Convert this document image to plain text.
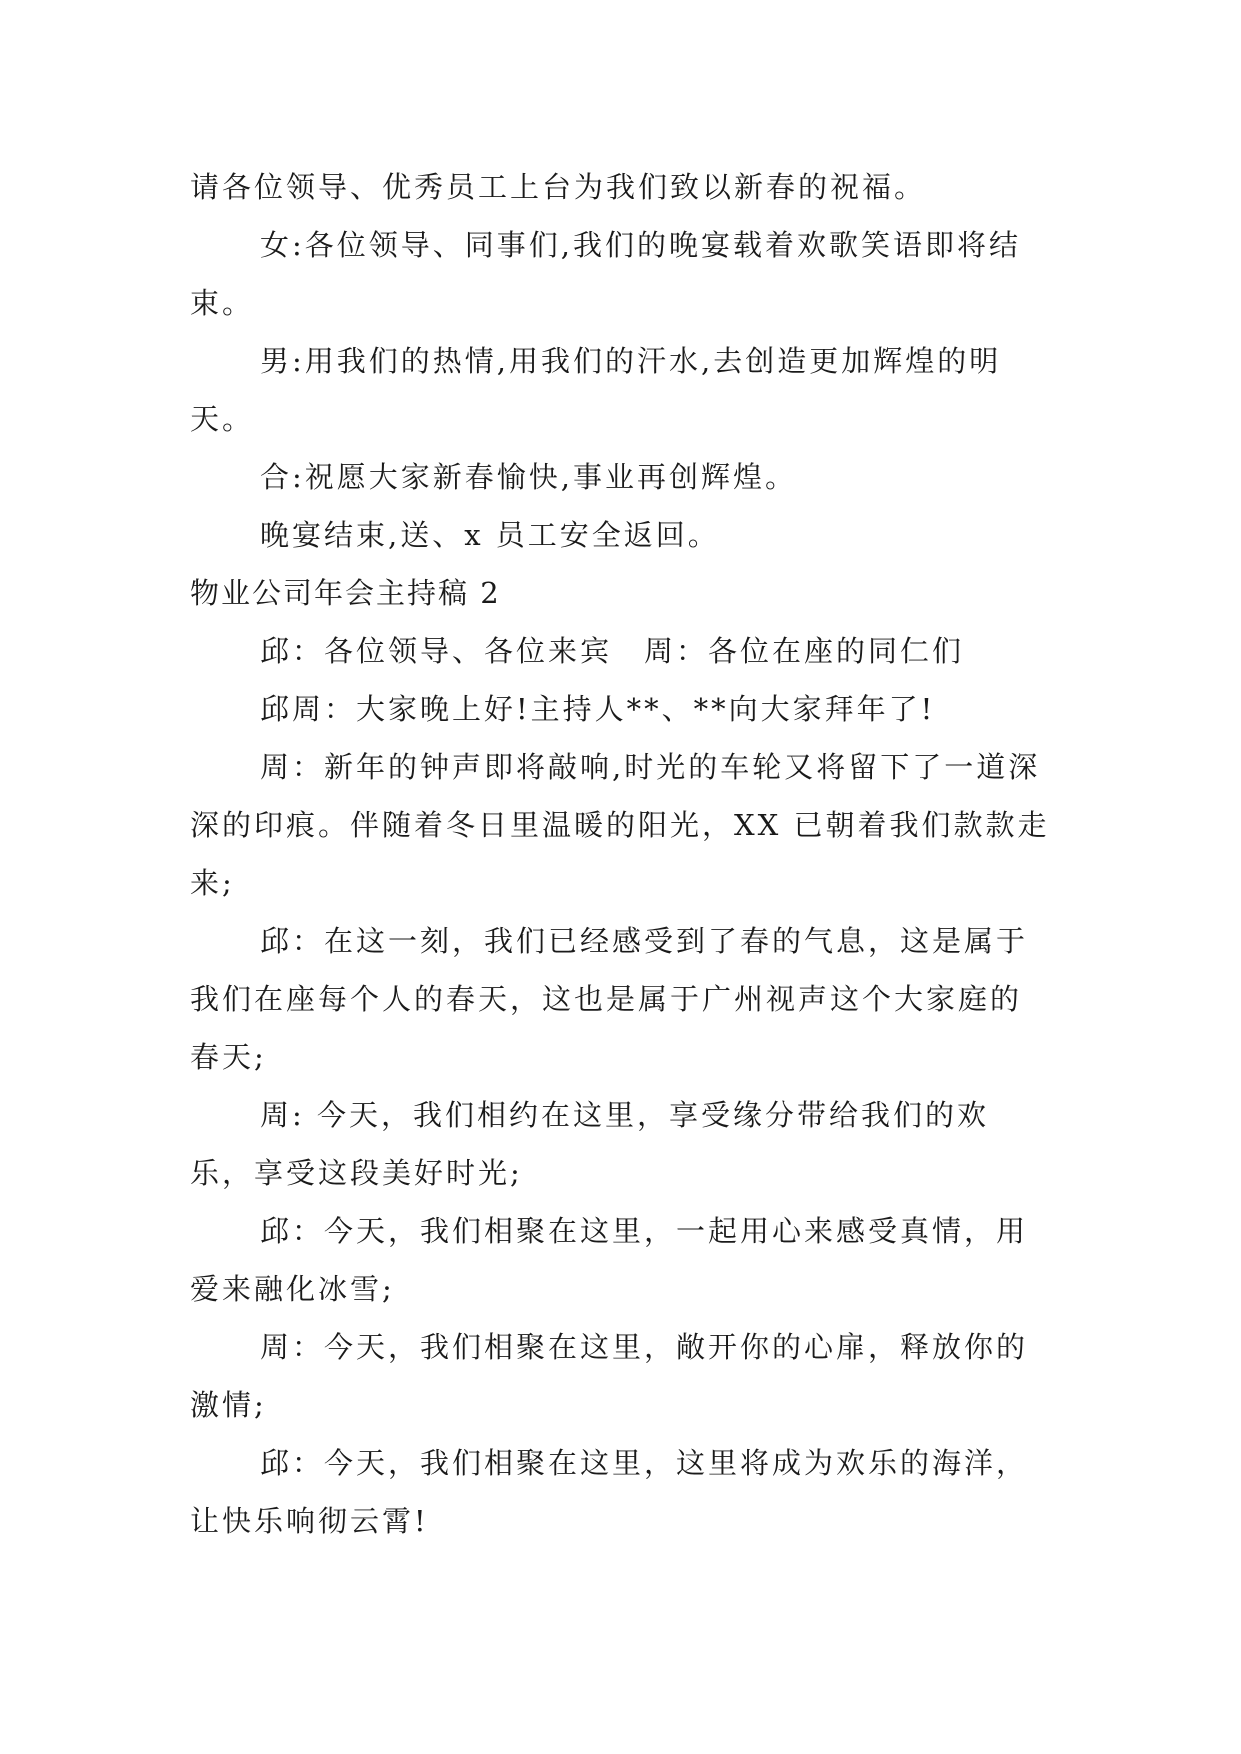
请各位领导、优秀员工上台为我们致以新春的祝福。

女:各位领导、同事们,我们的晚宴载着欢歌笑语即将结束。

男:用我们的热情,用我们的汗水,去创造更加辉煌的明天。

合:祝愿大家新春愉快,事业再创辉煌。

晚宴结束,送、x 员工安全返回。

物业公司年会主持稿 2

邱：各位领导、各位来宾　周：各位在座的同仁们

邱周：大家晚上好!主持人**、**向大家拜年了!

周：新年的钟声即将敲响,时光的车轮又将留下了一道深深的印痕。伴随着冬日里温暖的阳光，XX 已朝着我们款款走来;

邱：在这一刻，我们已经感受到了春的气息，这是属于我们在座每个人的春天，这也是属于广州视声这个大家庭的春天;

周: 今天，我们相约在这里，享受缘分带给我们的欢乐，享受这段美好时光;

邱：今天，我们相聚在这里，一起用心来感受真情，用爱来融化冰雪;

周：今天，我们相聚在这里，敞开你的心扉，释放你的激情;

邱：今天，我们相聚在这里，这里将成为欢乐的海洋，让快乐响彻云霄!
